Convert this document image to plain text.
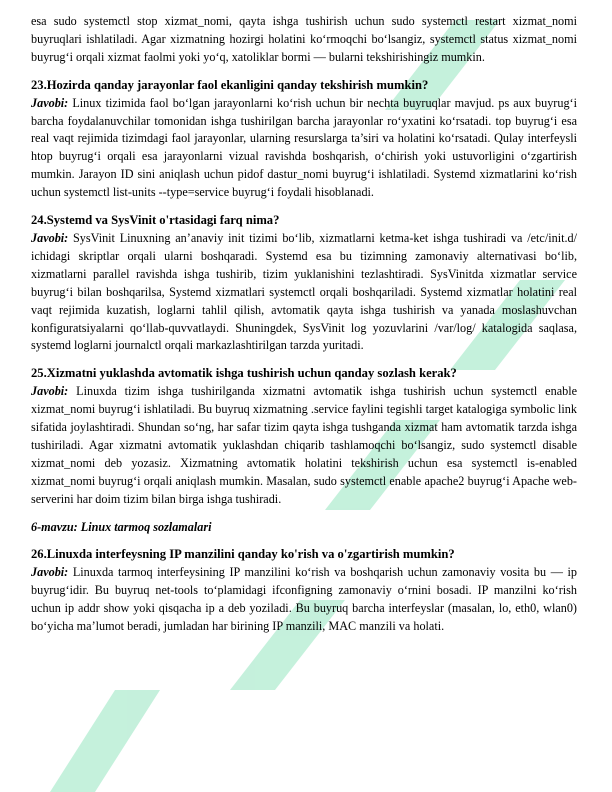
esa sudo systemctl stop xizmat_nomi, qayta ishga tushirish uchun sudo systemctl restart xizmat_nomi buyruqlari ishlatiladi. Agar xizmatning hozirgi holatini ko‘rmoqchi bo‘lsangiz, systemctl status xizmat_nomi buyrug‘i orqali xizmat faolmi yoki yo‘q, xatoliklar bormi — bularni tekshirishingiz mumkin.

23.Hozirda qanday jarayonlar faol ekanligini qanday tekshirish mumkin?

Javobi: Linux tizimida faol bo‘lgan jarayonlarni ko‘rish uchun bir nechta buyruqlar mavjud. ps aux buyrug‘i barcha foydalanuvchilar tomonidan ishga tushirilgan barcha jarayonlar ro‘yxatini ko‘rsatadi. top buyrug‘i esa real vaqt rejimida tizimdagi faol jarayonlar, ularning resurslarga ta’siri va holatini ko‘rsatadi. Qulay interfeysli htop buyrug‘i orqali esa jarayonlarni vizual ravishda boshqarish, o‘chirish yoki ustuvorligini o‘zgartirish mumkin. Jarayon ID sini aniqlash uchun pidof dastur_nomi buyrug‘i ishlatiladi. Systemd xizmatlarini ko‘rish uchun systemctl list-units --type=service buyrug‘i foydali hisoblanadi.

24.Systemd va SysVinit o'rtasidagi farq nima?

Javobi: SysVinit Linuxning an’anaviy init tizimi bo‘lib, xizmatlarni ketma-ket ishga tushiradi va /etc/init.d/ ichidagi skriptlar orqali ularni boshqaradi. Systemd esa bu tizimning zamonaviy alternativasi bo‘lib, xizmatlarni parallel ravishda ishga tushirib, tizim yuklanishini tezlashtiradi. SysVinitda xizmatlar service buyrug‘i bilan boshqarilsa, Systemd xizmatlari systemctl orqali boshqariladi. Systemd xizmatlar holatini real vaqt rejimida kuzatish, loglarni tahlil qilish, avtomatik qayta ishga tushirish va yanada moslashuvchan konfiguratsiyalarni qo‘llab-quvvatlaydi. Shuningdek, SysVinit log yozuvlarini /var/log/ katalogida saqlasa, systemd loglarni journalctl orqali markazlashtirilgan tarzda yuritadi.

25.Xizmatni yuklashda avtomatik ishga tushirish uchun qanday sozlash kerak?

Javobi: Linuxda tizim ishga tushirilganda xizmatni avtomatik ishga tushirish uchun systemctl enable xizmat_nomi buyrug‘i ishlatiladi. Bu buyruq xizmatning .service faylini tegishli target katalogiga symbolic link sifatida joylashtiradi. Shundan so‘ng, har safar tizim qayta ishga tushganda xizmat ham avtomatik tarzda ishga tushiriladi. Agar xizmatni avtomatik yuklashdan chiqarib tashlamoqchi bo‘lsangiz, sudo systemctl disable xizmat_nomi deb yozasiz. Xizmatning avtomatik holatini tekshirish uchun esa systemctl is-enabled xizmat_nomi buyrug‘i orqali aniqlash mumkin. Masalan, sudo systemctl enable apache2 buyrug‘i Apache web-serverini har doim tizim bilan birga ishga tushiradi.

6-mavzu: Linux tarmoq sozlamalari

26.Linuxda interfeysning IP manzilini qanday ko'rish va o'zgartirish mumkin?

Javobi: Linuxda tarmoq interfeysining IP manzilini ko‘rish va boshqarish uchun zamonaviy vosita bu — ip buyrug‘idir. Bu buyruq net-tools to‘plamidagi ifconfigning zamonaviy o‘rnini bosadi. IP manzilni ko‘rish uchun ip addr show yoki qisqacha ip a deb yoziladi. Bu buyruq barcha interfeyslar (masalan, lo, eth0, wlan0) bo‘yicha ma’lumot beradi, jumladan har birining IP manzili, MAC manzili va holati.
